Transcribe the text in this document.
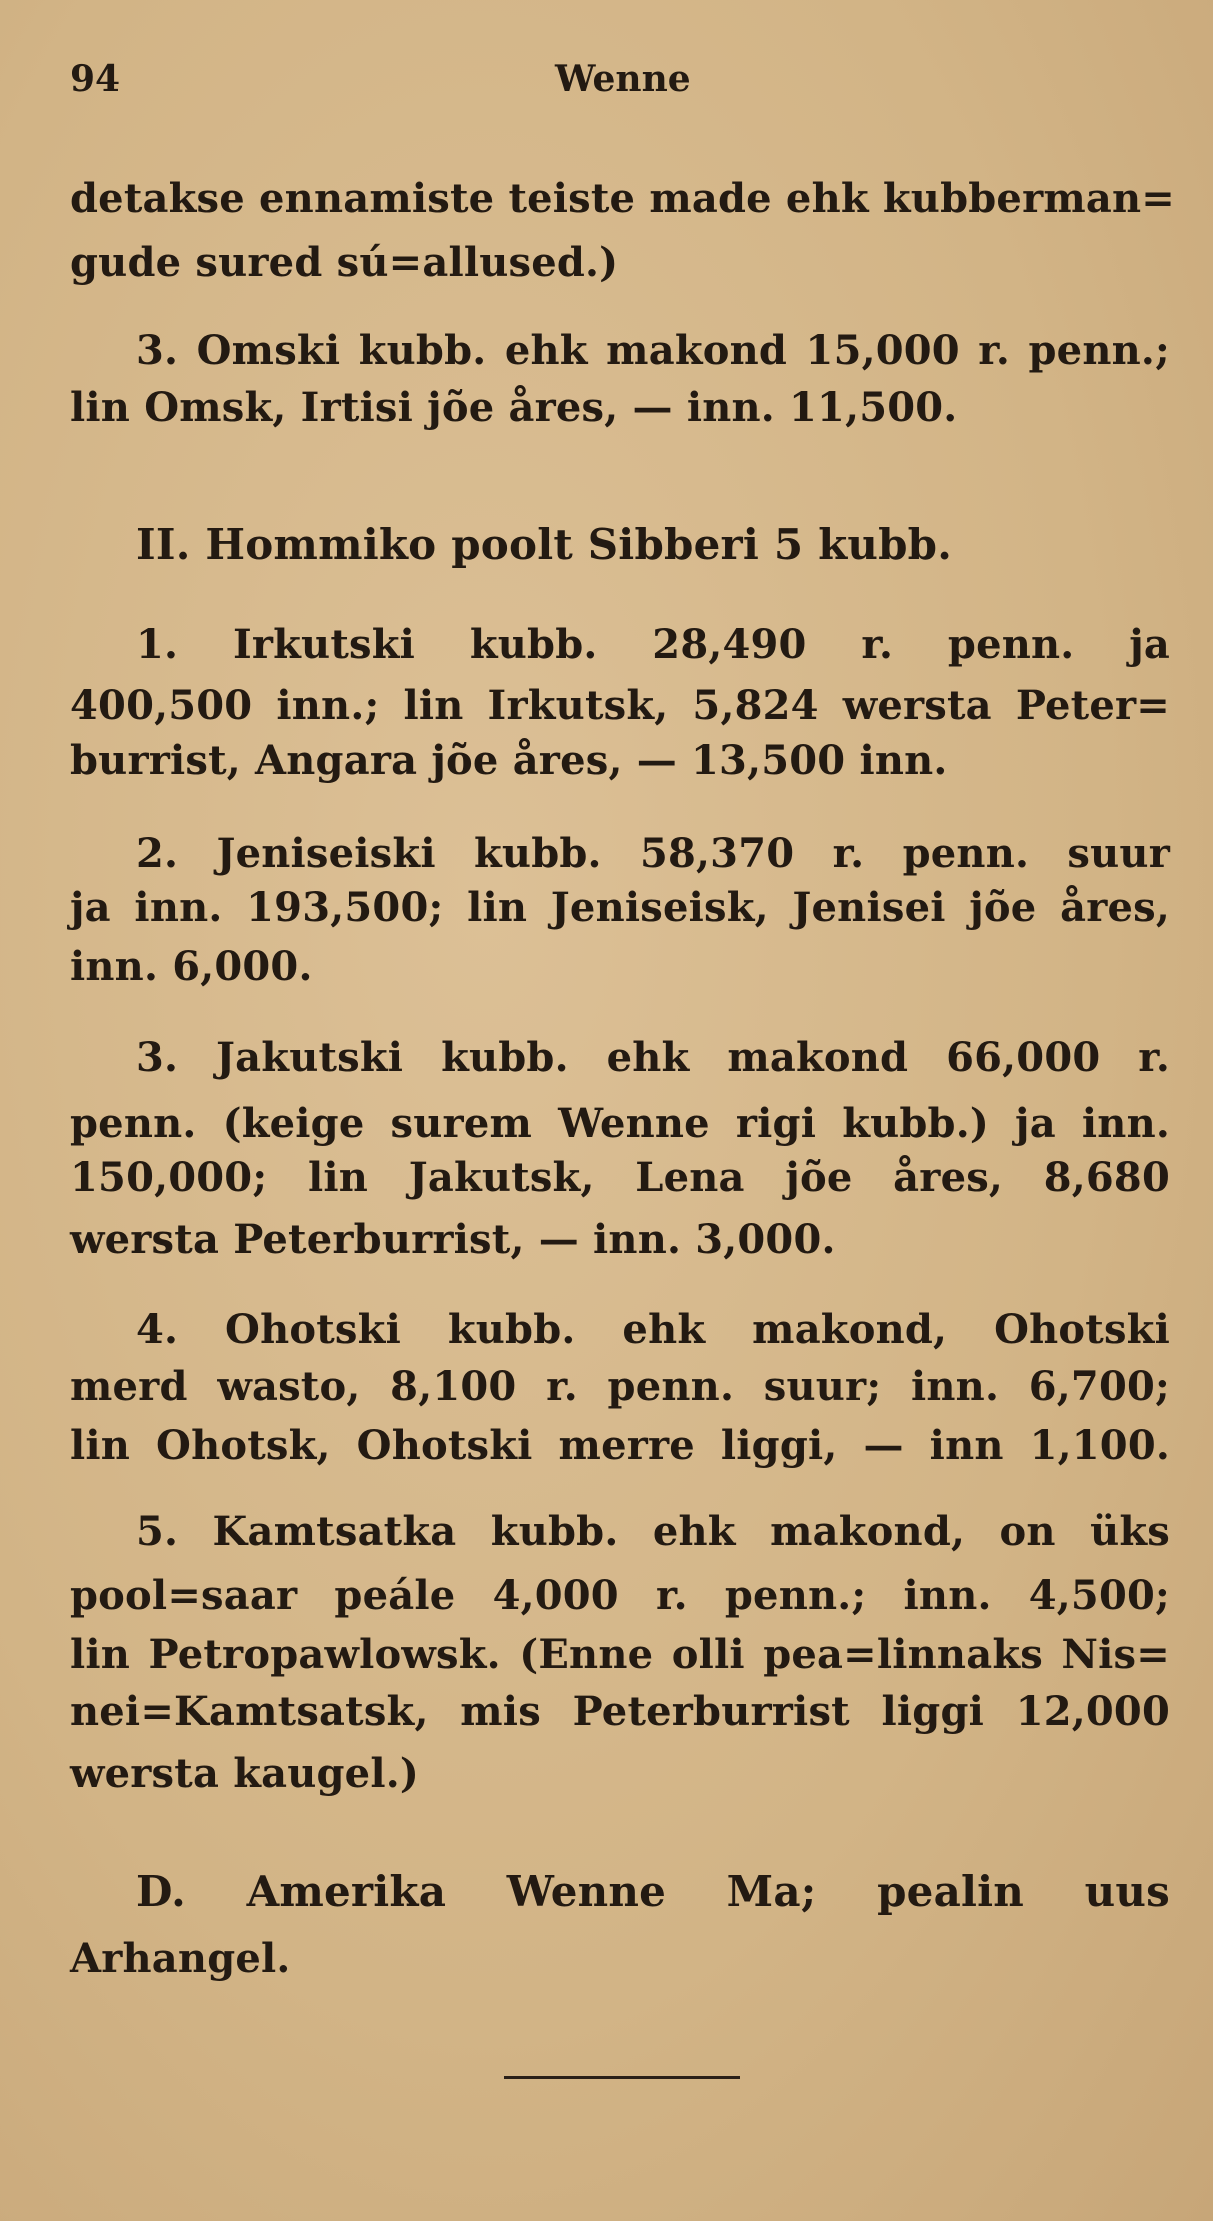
94	Wenne
detakse ennamiste teiste made ehk kubberman=
gude sured sú=allused.)
3. Omski kubb. ehk makond 15,000 r. penn.;
lin Omsk, Irtisi jõe åres, — inn. 11,500.
II. Hommiko poolt Sibberi 5 kubb.
1. Irkutski kubb. 28,490 r. penn. ja
400,500 inn.; lin Irkutsk, 5,824 wersta Peter=
burrist, Angara jõe åres, — 13,500 inn.
2. Jeniseiski kubb. 58,370 r. penn. suur
ja inn. 193,500; lin Jeniseisk, Jenisei jõe åres,
inn. 6,000.
3. Jakutski kubb. ehk makond 66,000 r.
penn. (keige surem Wenne rigi kubb.) ja inn.
150,000; lin Jakutsk, Lena jõe åres, 8,680
wersta Peterburrist, — inn. 3,000.
4. Ohotski kubb. ehk makond, Ohotski
merd wasto, 8,100 r. penn. suur; inn. 6,700;
lin Ohotsk, Ohotski merre liggi, — inn 1,100.
5. Kamtsatka kubb. ehk makond, on üks
pool=saar peále 4,000 r. penn.; inn. 4,500;
lin Petropawlowsk. (Enne olli pea=linnaks Nis=
nei=Kamtsatsk, mis Peterburrist liggi 12,000
wersta kaugel.)
D. Amerika Wenne Ma; pealin uus
Arhangel.
